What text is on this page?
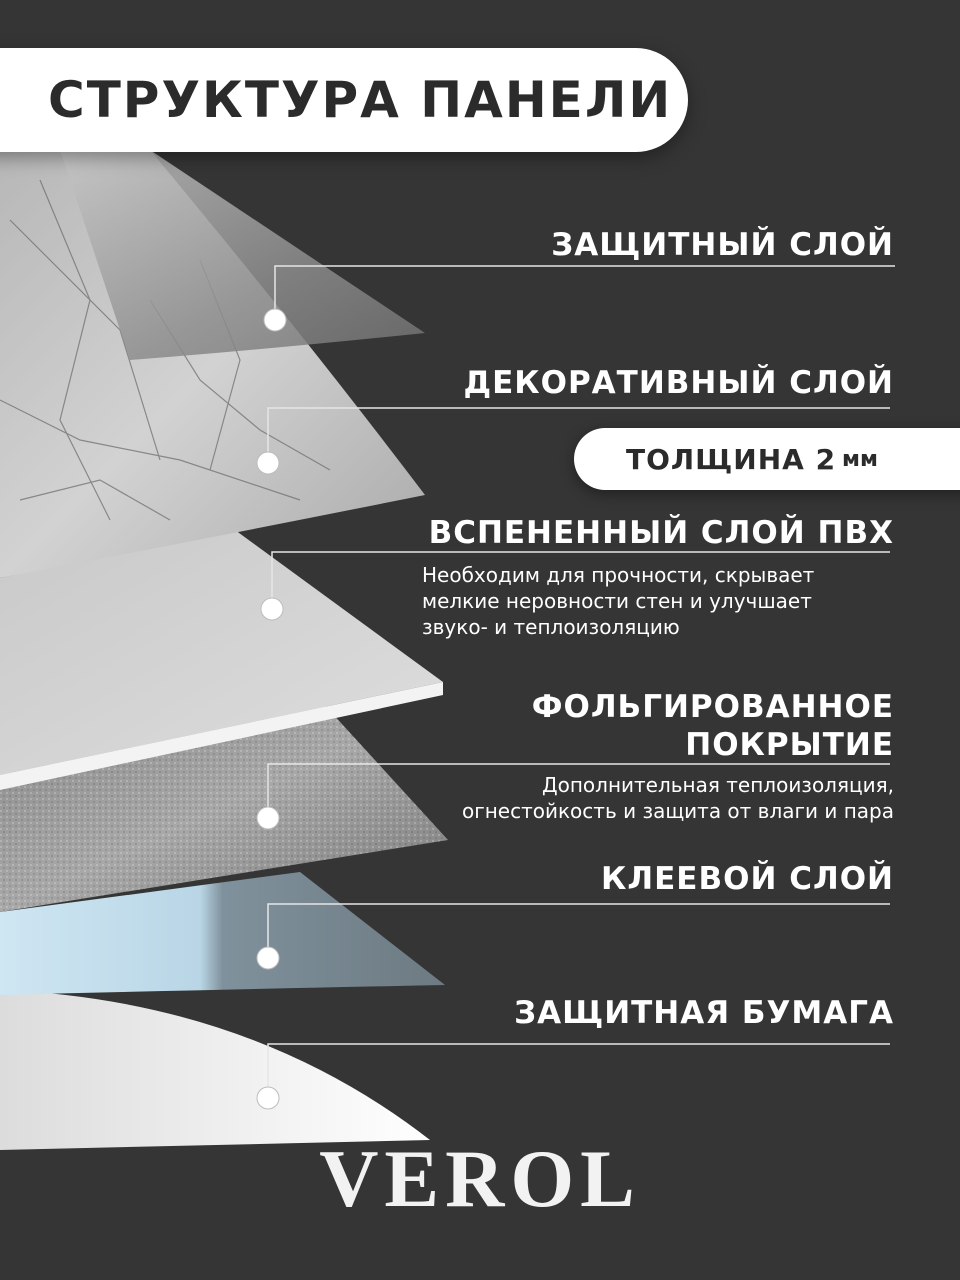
СТРУКТУРА ПАНЕЛИ
ЗАЩИТНЫЙ СЛОЙ
ДЕКОРАТИВНЫЙ СЛОЙ
ТОЛЩИНА 2 мм
ВСПЕНЕННЫЙ СЛОЙ ПВХ
Необходим для прочности, скрывает
мелкие неровности стен и улучшает
звуко- и теплоизоляцию
ФОЛЬГИРОВАННОЕ
ПОКРЫТИЕ
Дополнительная теплоизоляция,
огнестойкость и защита от влаги и пара
КЛЕЕВОЙ СЛОЙ
ЗАЩИТНАЯ БУМАГА
VEROL
